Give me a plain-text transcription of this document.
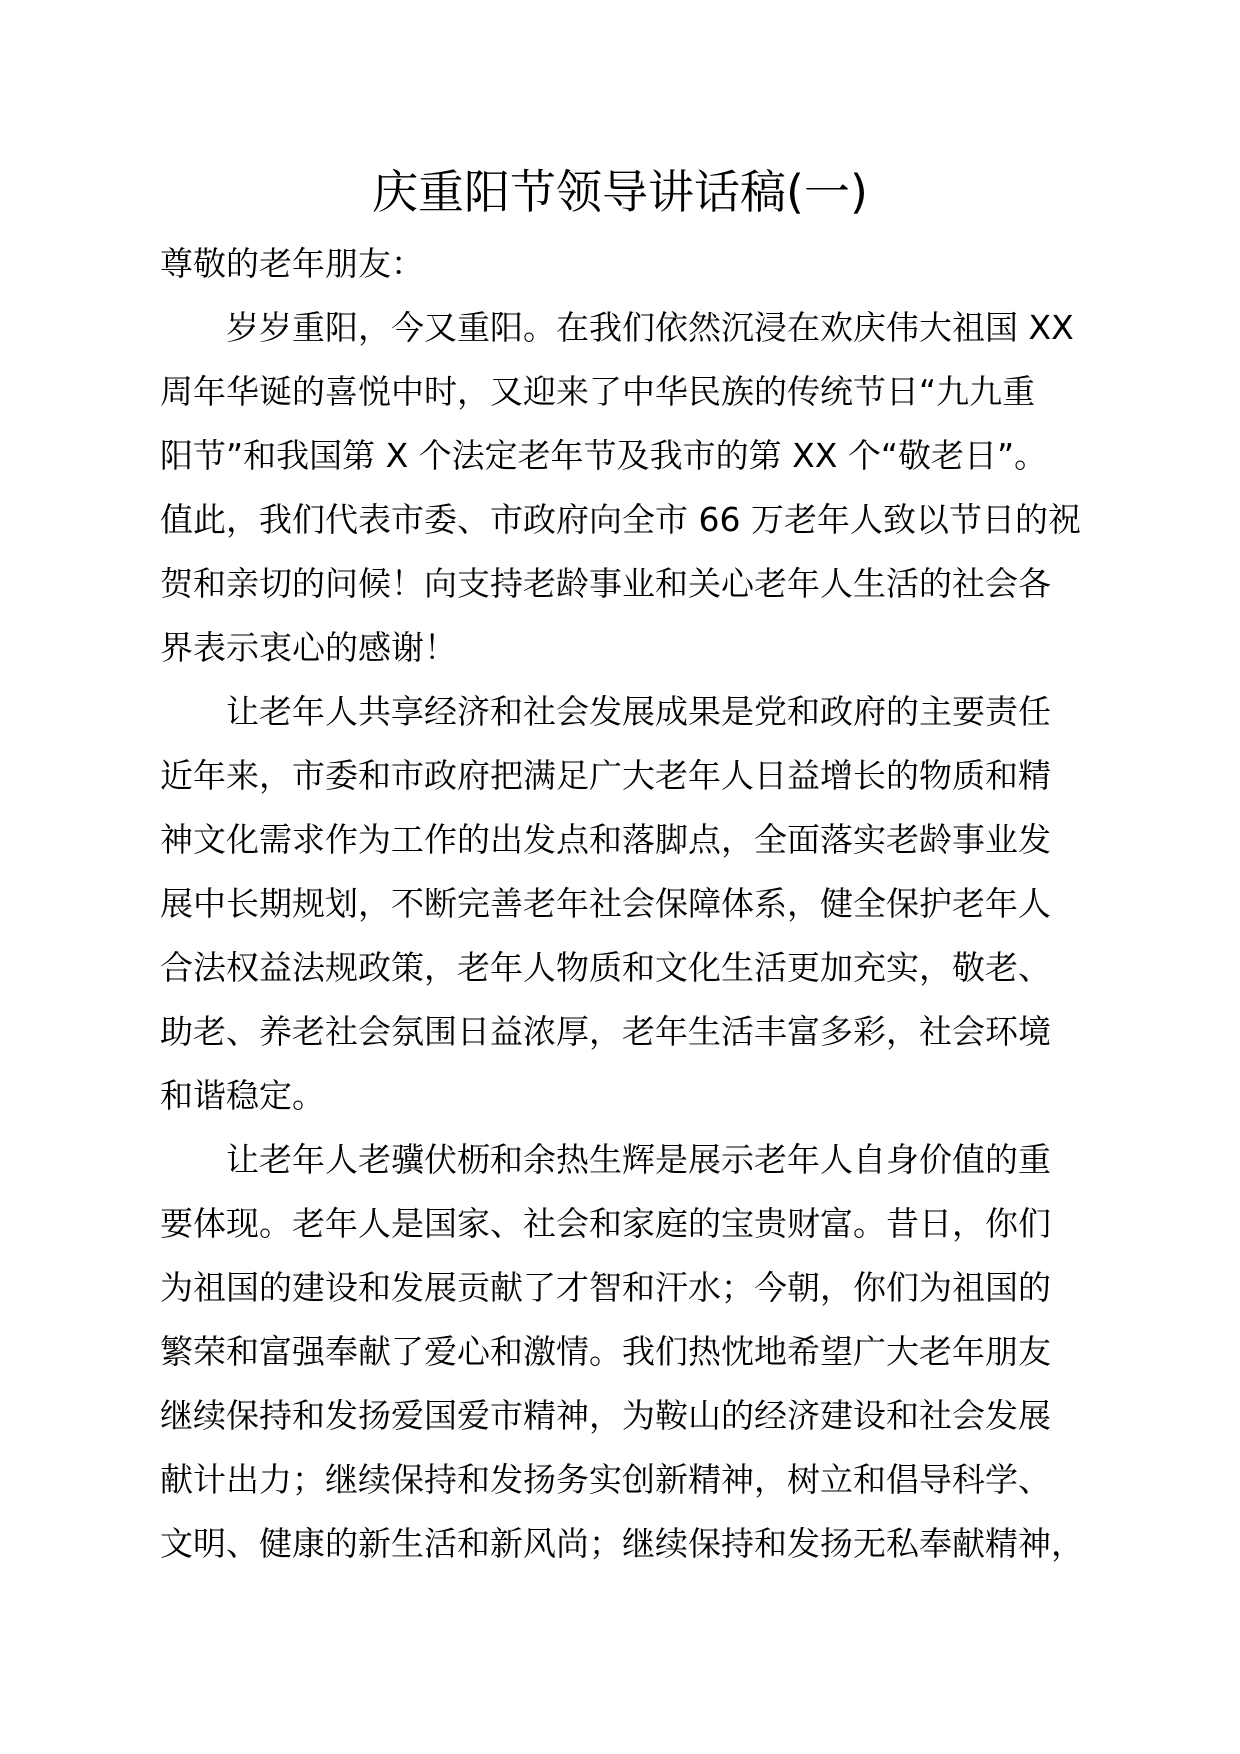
庆重阳节领导讲话稿(一)
尊敬的老年朋友：
岁岁重阳，今又重阳。在我们依然沉浸在欢庆伟大祖国 XX
周年华诞的喜悦中时，又迎来了中华民族的传统节日“九九重
阳节”和我国第 X 个法定老年节及我市的第 XX 个“敬老日”。
值此，我们代表市委、市政府向全市 66 万老年人致以节日的祝
贺和亲切的问候！向支持老龄事业和关心老年人生活的社会各
界表示衷心的感谢！
让老年人共享经济和社会发展成果是党和政府的主要责任
近年来，市委和市政府把满足广大老年人日益增长的物质和精
神文化需求作为工作的出发点和落脚点，全面落实老龄事业发
展中长期规划，不断完善老年社会保障体系，健全保护老年人
合法权益法规政策，老年人物质和文化生活更加充实，敬老、
助老、养老社会氛围日益浓厚，老年生活丰富多彩，社会环境
和谐稳定。
让老年人老骥伏枥和余热生辉是展示老年人自身价值的重
要体现。老年人是国家、社会和家庭的宝贵财富。昔日，你们
为祖国的建设和发展贡献了才智和汗水；今朝，你们为祖国的
繁荣和富强奉献了爱心和激情。我们热忱地希望广大老年朋友
继续保持和发扬爱国爱市精神，为鞍山的经济建设和社会发展
献计出力；继续保持和发扬务实创新精神，树立和倡导科学、
文明、健康的新生活和新风尚；继续保持和发扬无私奉献精神，
